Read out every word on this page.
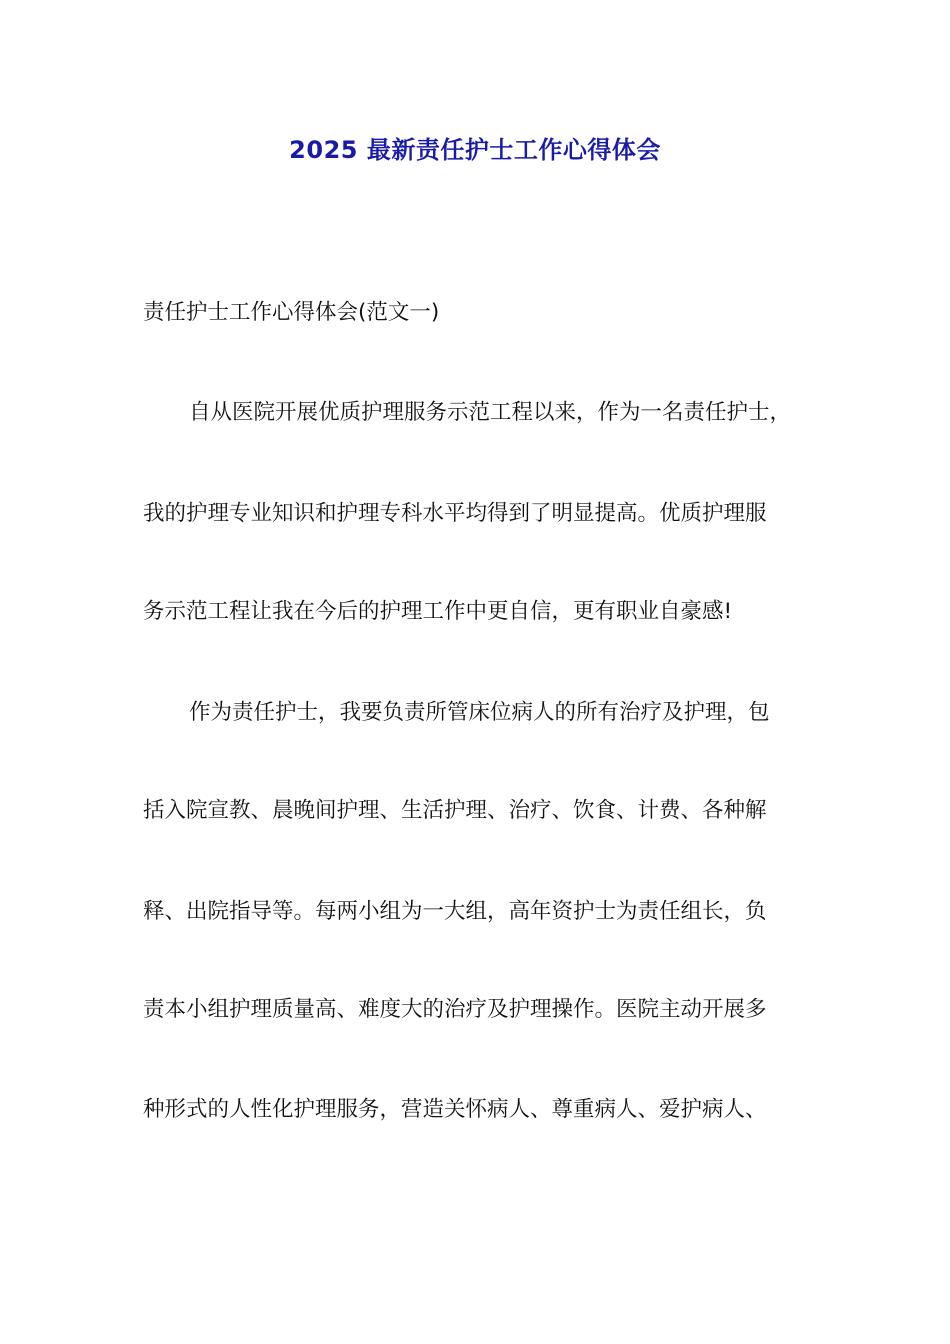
2025 最新责任护士工作心得体会

责任护士工作心得体会(范文一)

自从医院开展优质护理服务示范工程以来，作为一名责任护士，

我的护理专业知识和护理专科水平均得到了明显提高。优质护理服

务示范工程让我在今后的护理工作中更自信，更有职业自豪感!

作为责任护士，我要负责所管床位病人的所有治疗及护理，包

括入院宣教、晨晚间护理、生活护理、治疗、饮食、计费、各种解

释、出院指导等。每两小组为一大组，高年资护士为责任组长，负

责本小组护理质量高、难度大的治疗及护理操作。医院主动开展多

种形式的人性化护理服务，营造关怀病人、尊重病人、爱护病人、
